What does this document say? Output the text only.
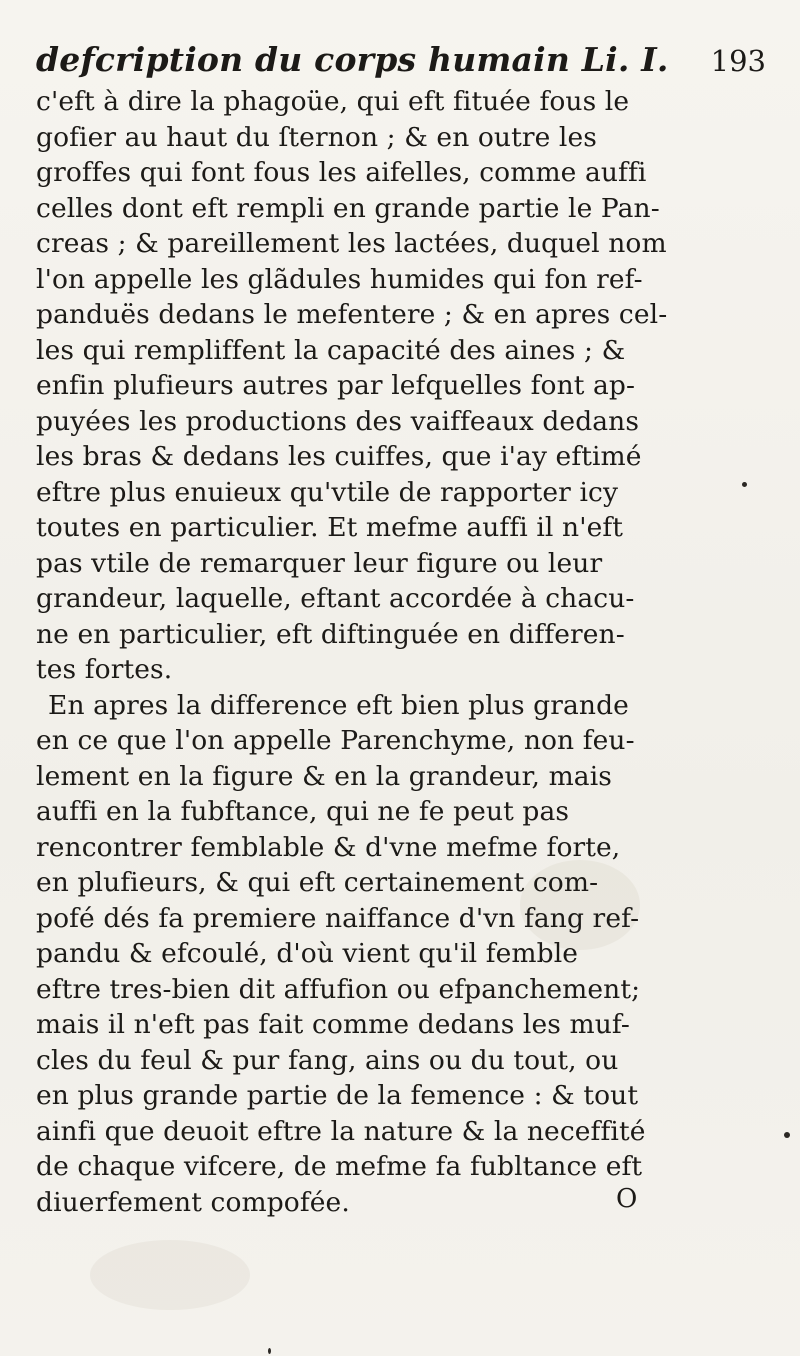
defcription du corps humain Li. I. 193
c'eft à dire la phagoüe, qui eft fituée fous le
gofier au haut du ſternon ; & en outre les
groffes qui font fous les aifelles, comme auffi
celles dont eft rempli en grande partie le Pan-
creas ; & pareillement les lactées, duquel nom
l'on appelle les glãdules humides qui fon ref-
panduës dedans le mefentere ; & en apres cel-
les qui rempliffent la capacité des aines ; &
enfin plufieurs autres par lefquelles font ap-
puyées les productions des vaiffeaux dedans
les bras & dedans les cuiffes, que i'ay eftimé
eftre plus enuieux qu'vtile de rapporter icy
toutes en particulier. Et mefme auffi il n'eft
pas vtile de remarquer leur figure ou leur
grandeur, laquelle, eftant accordée à chacu-
ne en particulier, eft diftinguée en differen-
tes fortes.
En apres la difference eft bien plus grande
en ce que l'on appelle Parenchyme, non feu-
lement en la figure & en la grandeur, mais
auffi en la fubftance, qui ne fe peut pas
rencontrer femblable & d'vne mefme forte,
en plufieurs, & qui eft certainement com-
pofé dés fa premiere naiffance d'vn fang ref-
pandu & efcoulé, d'où vient qu'il femble
eftre tres-bien dit affufion ou efpanchement;
mais il n'eft pas fait comme dedans les muf-
cles du feul & pur fang, ains ou du tout, ou
en plus grande partie de la femence : & tout
ainfi que deuoit eftre la nature & la neceffité
de chaque vifcere, de mefme fa fubltance eft
diuerfement compofée.	O
